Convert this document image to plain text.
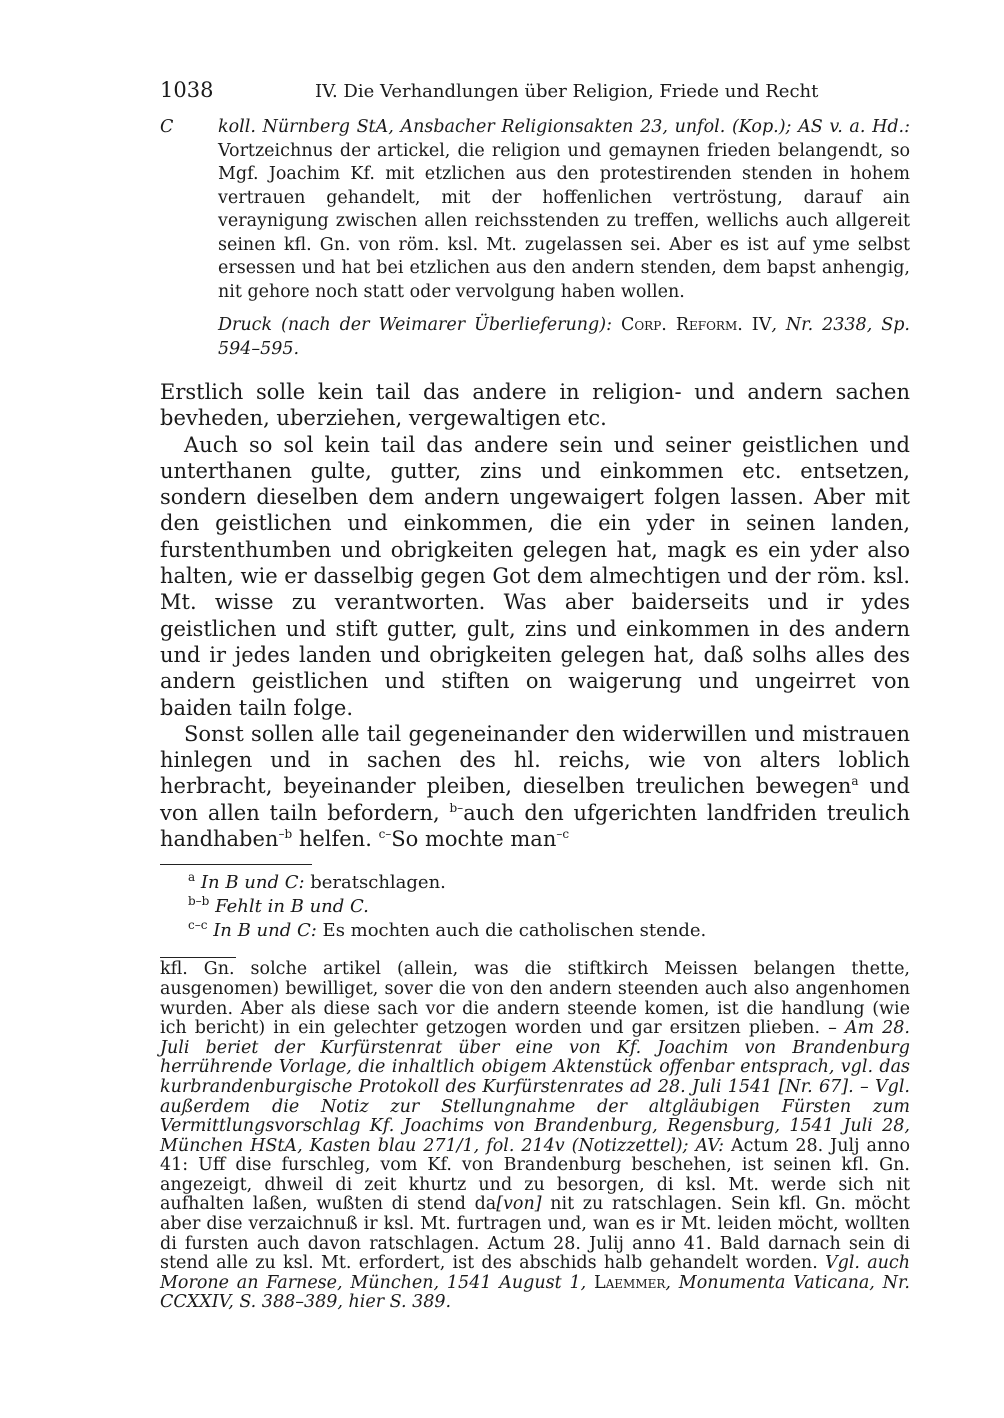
1038	IV. Die Verhandlungen über Religion, Friede und Recht
C	koll. Nürnberg StA, Ansbacher Religionsakten 23, unfol. (Kop.); AS v. a. Hd.: Vortzeichnus der artickel, die religion und gemaynen frieden belangendt, so Mgf. Joachim Kf. mit etzlichen aus den protestirenden stenden in hohem vertrauen gehandelt, mit der hoffenlichen vertröstung, darauf ain veraynigung zwischen allen reichsstenden zu treffen, wellichs auch allgereit seinen kfl. Gn. von röm. ksl. Mt. zugelassen sei. Aber es ist auf yme selbst ersessen und hat bei etzlichen aus den andern stenden, dem bapst anhengig, nit gehore noch statt oder vervolgung haben wollen.

Druck (nach der Weimarer Überlieferung): Corp. Reform. IV, Nr. 2338, Sp. 594–595.

Erstlich solle kein tail das andere in religion- und andern sachen bevheden, uberziehen, vergewaltigen etc.

Auch so sol kein tail das andere sein und seiner geistlichen und unterthanen gulte, gutter, zins und einkommen etc. entsetzen, sondern dieselben dem andern ungewaigert folgen lassen. Aber mit den geistlichen und einkommen, die ein yder in seinen landen, furstenthumben und obrigkeiten gelegen hat, magk es ein yder also halten, wie er dasselbig gegen Got dem almechtigen und der röm. ksl. Mt. wisse zu verantworten. Was aber baiderseits und ir ydes geistlichen und stift gutter, gult, zins und einkommen in des andern und ir jedes landen und obrigkeiten gelegen hat, daß solhs alles des andern geistlichen und stiften on waigerung und ungeirret von baiden tailn folge.

Sonst sollen alle tail gegeneinander den widerwillen und mistrauen hinlegen und in sachen des hl. reichs, wie von alters loblich herbracht, beyeinander pleiben, dieselben treulichen bewegen$^a$ und von allen tailn befordern, $^{b-}$auch den ufgerichten landfriden treulich handhaben$^{-b}$ helfen. $^{c-}$So mochte man$^{-c}$

$^a$ In B und C: beratschlagen.
$^{b-b}$ Fehlt in B und C.
$^{c-c}$ In B und C: Es mochten auch die catholischen stende.
kfl. Gn. solche artikel (allein, was die stiftkirch Meissen belangen thette, ausgenomen) bewilliget, sover die von den andern steenden auch also angenhomen wurden. Aber als diese sach vor die andern steende komen, ist die handlung (wie ich bericht) in ein gelechter getzogen worden und gar ersitzen plieben. – Am 28. Juli beriet der Kurfürstenrat über eine von Kf. Joachim von Brandenburg herrührende Vorlage, die inhaltlich obigem Aktenstück offenbar entsprach, vgl. das kurbrandenburgische Protokoll des Kurfürstenrates ad 28. Juli 1541 [Nr. 67]. – Vgl. außerdem die Notiz zur Stellungnahme der altgläubigen Fürsten zum Vermittlungsvorschlag Kf. Joachims von Brandenburg, Regensburg, 1541 Juli 28, München HStA, Kasten blau 271/1, fol. 214v (Notizzettel); AV: Actum 28. Julj anno 41: Uff dise furschleg, vom Kf. von Brandenburg beschehen, ist seinen kfl. Gn. angezeigt, dhweil di zeit khurtz und zu besorgen, di ksl. Mt. werde sich nit aufhalten laßen, wußten di stend da[von] nit zu ratschlagen. Sein kfl. Gn. möcht aber dise verzaichnuß ir ksl. Mt. furtragen und, wan es ir Mt. leiden möcht, wollten di fursten auch davon ratschlagen. Actum 28. Julij anno 41. Bald darnach sein di stend alle zu ksl. Mt. erfordert, ist des abschids halb gehandelt worden. Vgl. auch Morone an Farnese, München, 1541 August 1, Laemmer, Monumenta Vaticana, Nr. CCXXIV, S. 388–389, hier S. 389.
